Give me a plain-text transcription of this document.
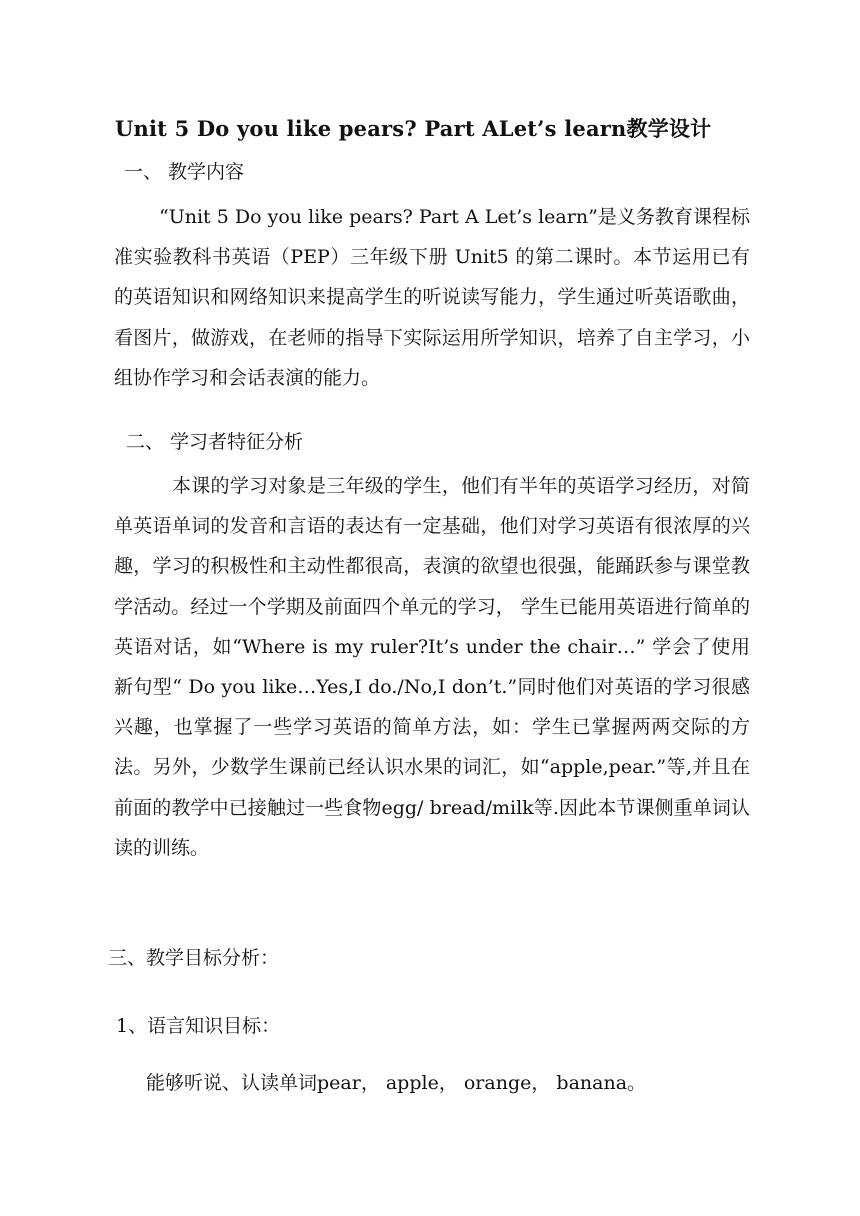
Unit 5 Do you like pears? Part ALet’s learn教学设计
一、 教学内容
“Unit 5 Do you like pears? Part A Let’s learn”是义务教育课程标准实验教科书英语（PEP）三年级下册 Unit5 的第二课时。本节运用已有的英语知识和网络知识来提高学生的听说读写能力，学生通过听英语歌曲，看图片，做游戏，在老师的指导下实际运用所学知识，培养了自主学习，小组协作学习和会话表演的能力。
二、 学习者特征分析
本课的学习对象是三年级的学生，他们有半年的英语学习经历，对简单英语单词的发音和言语的表达有一定基础，他们对学习英语有很浓厚的兴趣，学习的积极性和主动性都很高，表演的欲望也很强，能踊跃参与课堂教学活动。经过一个学期及前面四个单元的学习， 学生已能用英语进行简单的英语对话，如“Where is my ruler?It’s under the chair…” 学会了使用新句型“ Do you like…Yes,I do./No,I don’t.”同时他们对英语的学习很感兴趣，也掌握了一些学习英语的简单方法，如：学生已掌握两两交际的方法。另外，少数学生课前已经认识水果的词汇，如“apple,pear.”等,并且在前面的教学中已接触过一些食物egg/ bread/milk等.因此本节课侧重单词认读的训练。
三、教学目标分析：
1、语言知识目标：
能够听说、认读单词pear， apple， orange， banana。
